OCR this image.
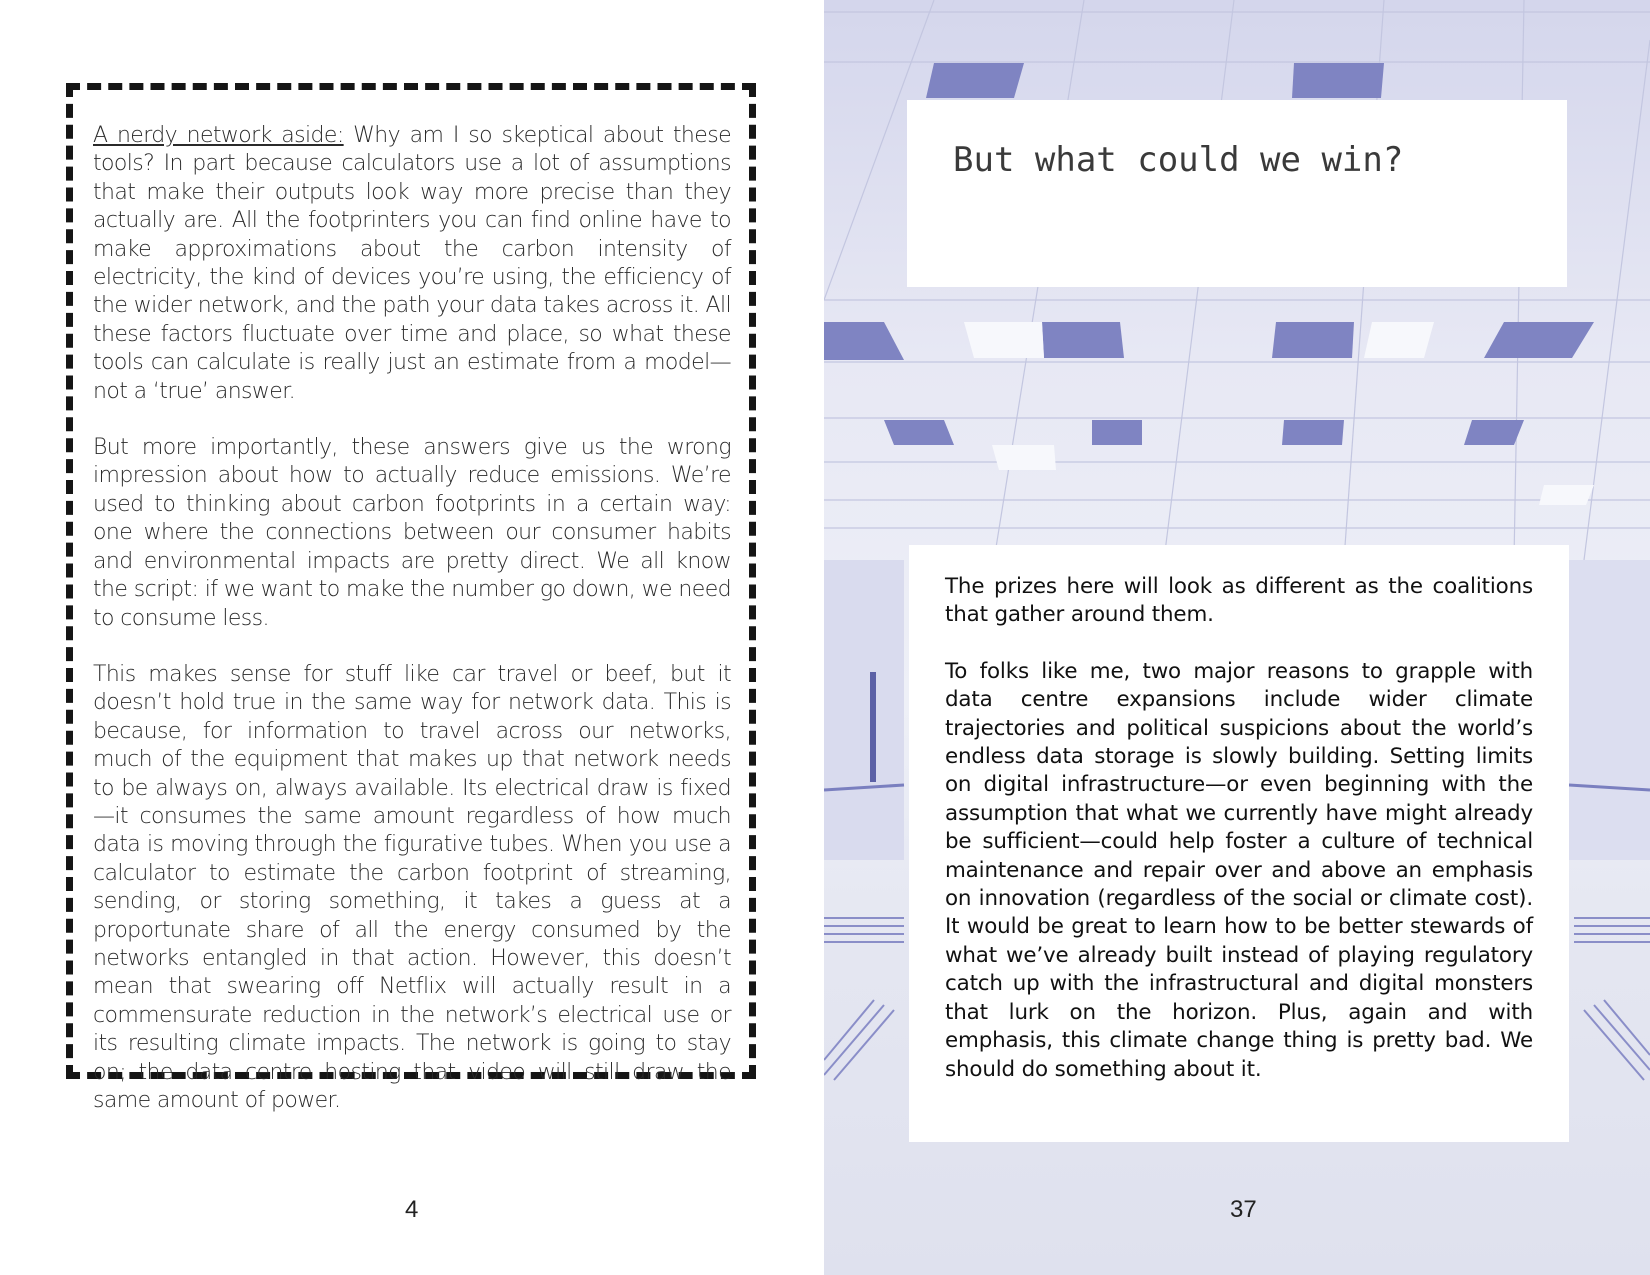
A nerdy network aside: Why am I so skeptical about these tools? In part because calculators use a lot of assumptions that make their outputs look way more precise than they actually are. All the footprinters you can find online have to make approximations about the carbon intensity of electricity, the kind of devices you’re using, the efficiency of the wider network, and the path your data takes across it. All these factors fluctuate over time and place, so what these tools can calculate is really just an estimate from a model—not a ‘true’ answer.

But more importantly, these answers give us the wrong impression about how to actually reduce emissions. We’re used to thinking about carbon footprints in a certain way: one where the connections between our consumer habits and environmental impacts are pretty direct. We all know the script: if we want to make the number go down, we need to consume less.

This makes sense for stuff like car travel or beef, but it doesn’t hold true in the same way for network data. This is because, for information to travel across our networks, much of the equipment that makes up that network needs to be always on, always available. Its electrical draw is fixed—it consumes the same amount regardless of how much data is moving through the figurative tubes. When you use a calculator to estimate the carbon footprint of streaming, sending, or storing something, it takes a guess at a proportunate share of all the energy consumed by the networks entangled in that action. However, this doesn’t mean that swearing off Netflix will actually result in a commensurate reduction in the network’s electrical use or its resulting climate impacts. The network is going to stay on; the data centre hosting that video will still draw the same amount of power.

4
But what could we win?

The prizes here will look as different as the coalitions that gather around them.

To folks like me, two major reasons to grapple with data centre expansions include wider climate trajectories and political suspicions about the world’s endless data storage is slowly building. Setting limits on digital infrastructure—or even beginning with the assumption that what we currently have might already be sufficient—could help foster a culture of technical maintenance and repair over and above an emphasis on innovation (regardless of the social or climate cost). It would be great to learn how to be better stewards of what we’ve already built instead of playing regulatory catch up with the infrastructural and digital monsters that lurk on the horizon. Plus, again and with emphasis, this climate change thing is pretty bad. We should do something about it.

37
